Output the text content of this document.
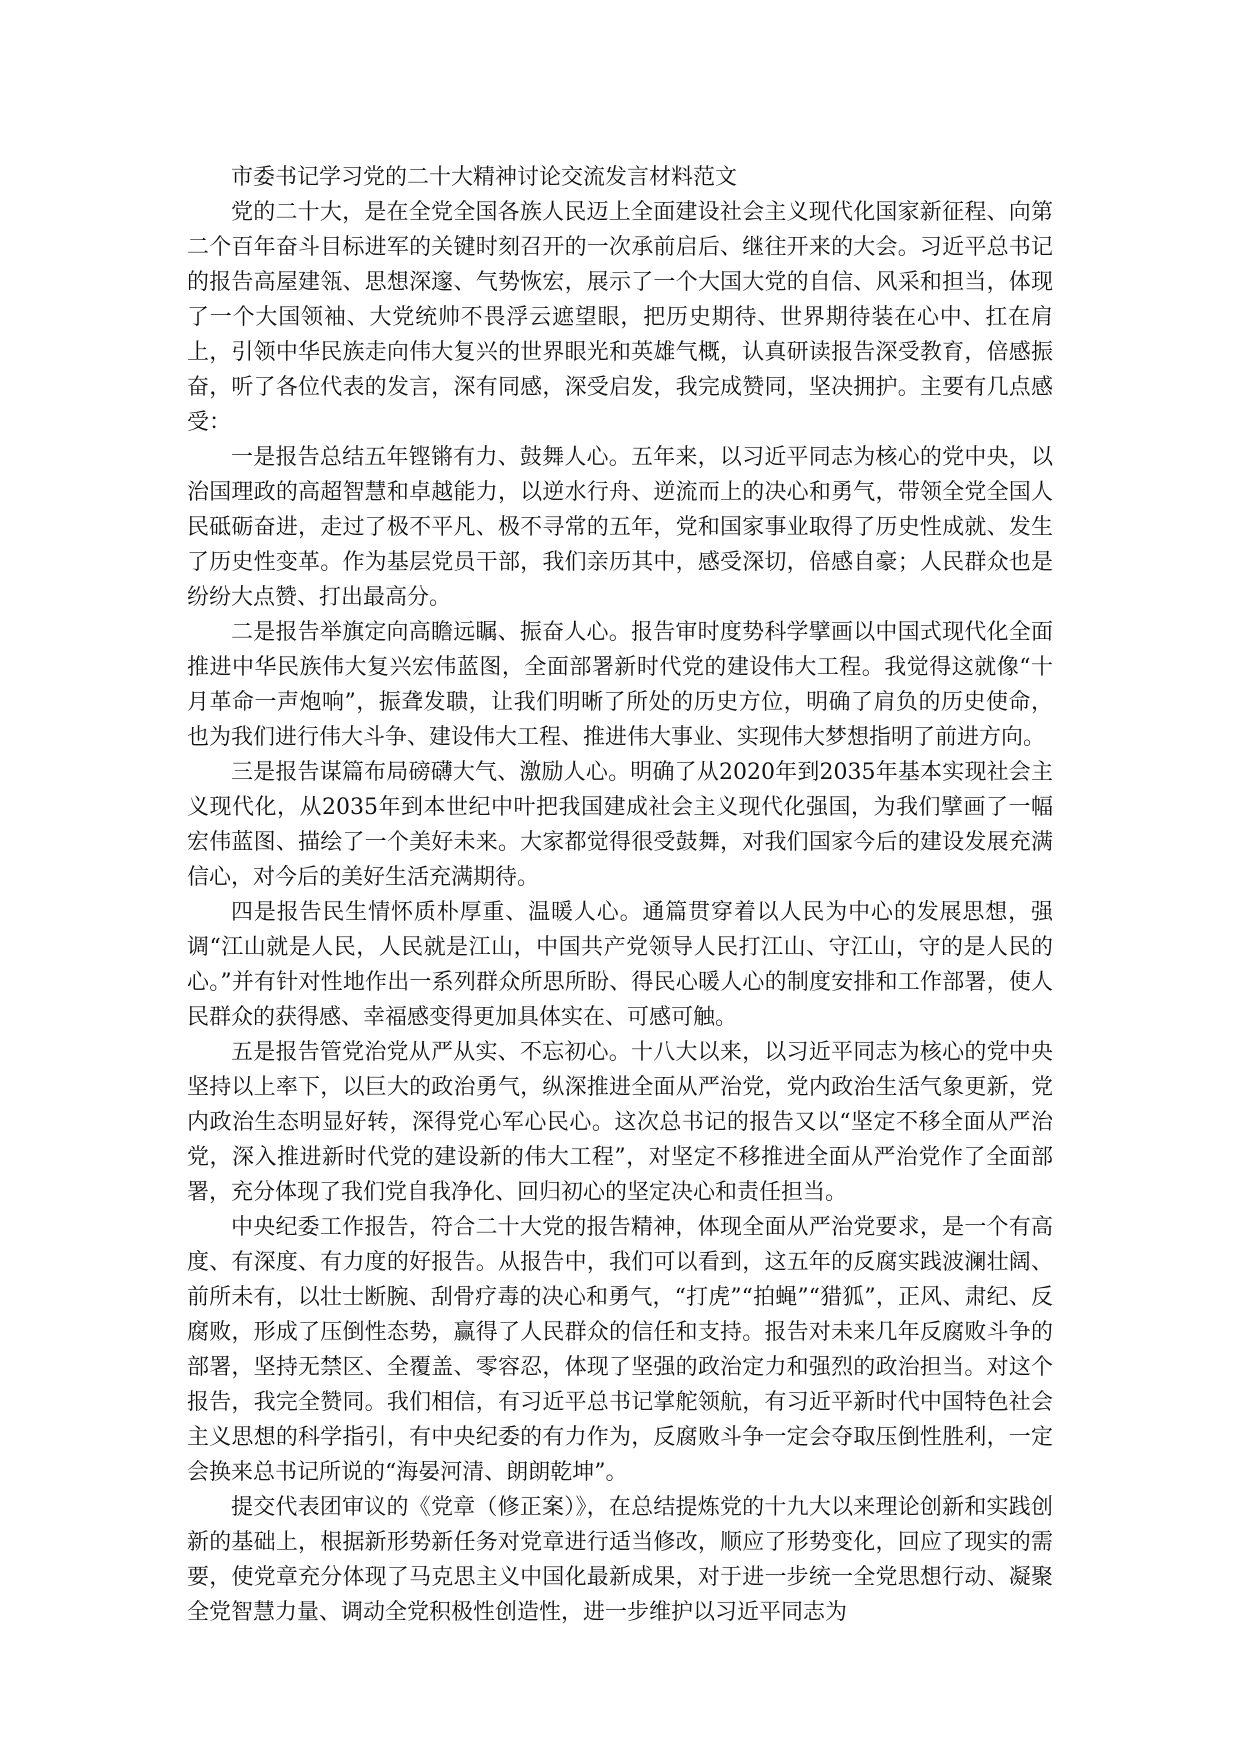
市委书记学习党的二十大精神讨论交流发言材料范文

党的二十大，是在全党全国各族人民迈上全面建设社会主义现代化国家新征程、向第二个百年奋斗目标进军的关键时刻召开的一次承前启后、继往开来的大会。习近平总书记的报告高屋建瓴、思想深邃、气势恢宏，展示了一个大国大党的自信、风采和担当，体现了一个大国领袖、大党统帅不畏浮云遮望眼，把历史期待、世界期待装在心中、扛在肩上，引领中华民族走向伟大复兴的世界眼光和英雄气概，认真研读报告深受教育，倍感振奋，听了各位代表的发言，深有同感，深受启发，我完成赞同，坚决拥护。主要有几点感受：

一是报告总结五年铿锵有力、鼓舞人心。五年来，以习近平同志为核心的党中央，以治国理政的高超智慧和卓越能力，以逆水行舟、逆流而上的决心和勇气，带领全党全国人民砥砺奋进，走过了极不平凡、极不寻常的五年，党和国家事业取得了历史性成就、发生了历史性变革。作为基层党员干部，我们亲历其中，感受深切，倍感自豪；人民群众也是纷纷大点赞、打出最高分。

二是报告举旗定向高瞻远瞩、振奋人心。报告审时度势科学擘画以中国式现代化全面推进中华民族伟大复兴宏伟蓝图，全面部署新时代党的建设伟大工程。我觉得这就像“十月革命一声炮响”，振聋发聩，让我们明晰了所处的历史方位，明确了肩负的历史使命，也为我们进行伟大斗争、建设伟大工程、推进伟大事业、实现伟大梦想指明了前进方向。

三是报告谋篇布局磅礴大气、激励人心。明确了从2020年到2035年基本实现社会主义现代化，从2035年到本世纪中叶把我国建成社会主义现代化强国，为我们擘画了一幅宏伟蓝图、描绘了一个美好未来。大家都觉得很受鼓舞，对我们国家今后的建设发展充满信心，对今后的美好生活充满期待。

四是报告民生情怀质朴厚重、温暖人心。通篇贯穿着以人民为中心的发展思想，强调“江山就是人民，人民就是江山，中国共产党领导人民打江山、守江山，守的是人民的心。”并有针对性地作出一系列群众所思所盼、得民心暖人心的制度安排和工作部署，使人民群众的获得感、幸福感变得更加具体实在、可感可触。

五是报告管党治党从严从实、不忘初心。十八大以来，以习近平同志为核心的党中央坚持以上率下，以巨大的政治勇气，纵深推进全面从严治党，党内政治生活气象更新，党内政治生态明显好转，深得党心军心民心。这次总书记的报告又以“坚定不移全面从严治党，深入推进新时代党的建设新的伟大工程”，对坚定不移推进全面从严治党作了全面部署，充分体现了我们党自我净化、回归初心的坚定决心和责任担当。

中央纪委工作报告，符合二十大党的报告精神，体现全面从严治党要求，是一个有高度、有深度、有力度的好报告。从报告中，我们可以看到，这五年的反腐实践波澜壮阔、前所未有，以壮士断腕、刮骨疗毒的决心和勇气，“打虎”“拍蝇”“猎狐”，正风、肃纪、反腐败，形成了压倒性态势，赢得了人民群众的信任和支持。报告对未来几年反腐败斗争的部署，坚持无禁区、全覆盖、零容忍，体现了坚强的政治定力和强烈的政治担当。对这个报告，我完全赞同。我们相信，有习近平总书记掌舵领航，有习近平新时代中国特色社会主义思想的科学指引，有中央纪委的有力作为，反腐败斗争一定会夺取压倒性胜利，一定会换来总书记所说的“海晏河清、朗朗乾坤”。

提交代表团审议的《党章（修正案）》，在总结提炼党的十九大以来理论创新和实践创新的基础上，根据新形势新任务对党章进行适当修改，顺应了形势变化，回应了现实的需要，使党章充分体现了马克思主义中国化最新成果，对于进一步统一全党思想行动、凝聚全党智慧力量、调动全党积极性创造性，进一步维护以习近平同志为
